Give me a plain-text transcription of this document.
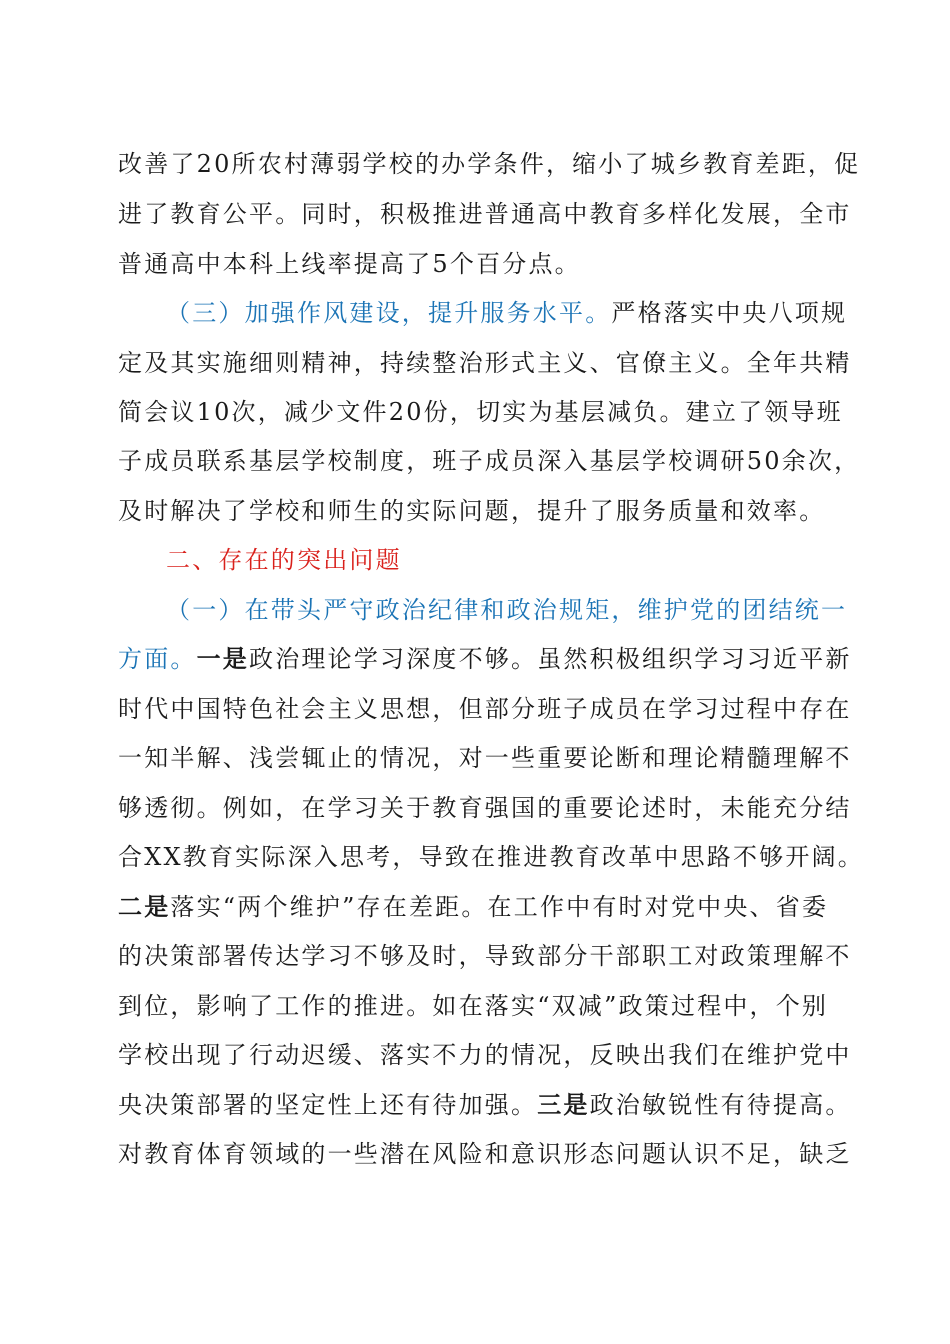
改善了20所农村薄弱学校的办学条件，缩小了城乡教育差距，促
进了教育公平。同时，积极推进普通高中教育多样化发展，全市
普通高中本科上线率提高了5个百分点。
（三）加强作风建设，提升服务水平。严格落实中央八项规
定及其实施细则精神，持续整治形式主义、官僚主义。全年共精
简会议10次，减少文件20份，切实为基层减负。建立了领导班
子成员联系基层学校制度，班子成员深入基层学校调研50余次，
及时解决了学校和师生的实际问题，提升了服务质量和效率。
二、存在的突出问题
（一）在带头严守政治纪律和政治规矩，维护党的团结统一
方面。一是政治理论学习深度不够。虽然积极组织学习习近平新
时代中国特色社会主义思想，但部分班子成员在学习过程中存在
一知半解、浅尝辄止的情况，对一些重要论断和理论精髓理解不
够透彻。例如，在学习关于教育强国的重要论述时，未能充分结
合XX教育实际深入思考，导致在推进教育改革中思路不够开阔。
二是落实“两个维护”存在差距。在工作中有时对党中央、省委
的决策部署传达学习不够及时，导致部分干部职工对政策理解不
到位，影响了工作的推进。如在落实“双减”政策过程中，个别
学校出现了行动迟缓、落实不力的情况，反映出我们在维护党中
央决策部署的坚定性上还有待加强。三是政治敏锐性有待提高。
对教育体育领域的一些潜在风险和意识形态问题认识不足，缺乏
